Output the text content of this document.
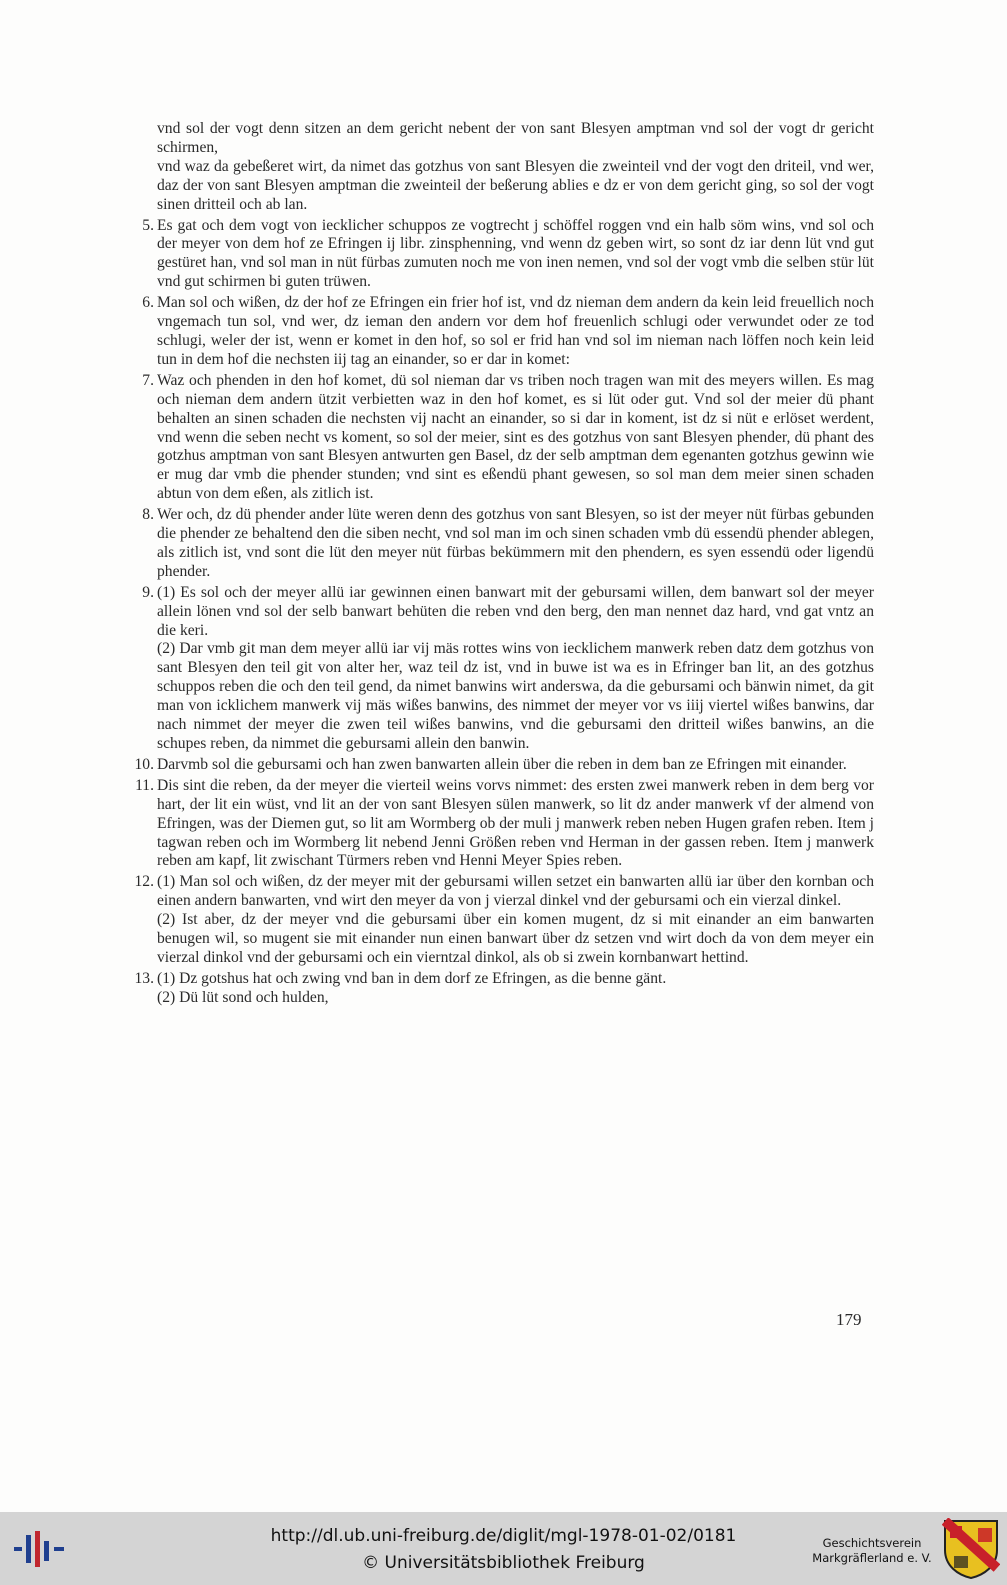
vnd sol der vogt denn sitzen an dem gericht nebent der von sant Blesyen amptman vnd sol der vogt dr gericht schirmen,

vnd waz da gebeßeret wirt, da nimet das gotzhus von sant Blesyen die zweinteil vnd der vogt den driteil, vnd wer, daz der von sant Blesyen amptman die zweinteil der beßerung ablies e dz er von dem gericht ging, so sol der vogt sinen dritteil och ab lan.

5. Es gat och dem vogt von iecklicher schuppos ze vogtrecht j schöffel roggen vnd ein halb söm wins, vnd sol och der meyer von dem hof ze Efringen ij libr. zinsphenning, vnd wenn dz geben wirt, so sont dz iar denn lüt vnd gut gestüret han, vnd sol man in nüt fürbas zumuten noch me von inen nemen, vnd sol der vogt vmb die selben stür lüt vnd gut schirmen bi guten trüwen.

6. Man sol och wißen, dz der hof ze Efringen ein frier hof ist, vnd dz nieman dem andern da kein leid freuellich noch vngemach tun sol, vnd wer, dz ieman den andern vor dem hof freuenlich schlugi oder verwundet oder ze tod schlugi, weler der ist, wenn er komet in den hof, so sol er frid han vnd sol im nieman nach löffen noch kein leid tun in dem hof die nechsten iij tag an einander, so er dar in komet:

7. Waz och phenden in den hof komet, dü sol nieman dar vs triben noch tragen wan mit des meyers willen. Es mag och nieman dem andern ützit verbietten waz in den hof komet, es si lüt oder gut. Vnd sol der meier dü phant behalten an sinen schaden die nechsten vij nacht an einander, so si dar in koment, ist dz si nüt e erlöset werdent, vnd wenn die seben necht vs koment, so sol der meier, sint es des gotzhus von sant Blesyen phender, dü phant des gotzhus amptman von sant Blesyen antwurten gen Basel, dz der selb amptman dem egenanten gotzhus gewinn wie er mug dar vmb die phender stunden; vnd sint es eßendü phant gewesen, so sol man dem meier sinen schaden abtun von dem eßen, als zitlich ist.

8. Wer och, dz dü phender ander lüte weren denn des gotzhus von sant Blesyen, so ist der meyer nüt fürbas gebunden die phender ze behaltend den die siben necht, vnd sol man im och sinen schaden vmb dü essendü phender ablegen, als zitlich ist, vnd sont die lüt den meyer nüt fürbas bekümmern mit den phendern, es syen essendü oder ligendü phender.

9. (1) Es sol och der meyer allü iar gewinnen einen banwart mit der gebursami willen, dem banwart sol der meyer allein lönen vnd sol der selb banwart behüten die reben vnd den berg, den man nennet daz hard, vnd gat vntz an die keri.

(2) Dar vmb git man dem meyer allü iar vij mäs rottes wins von iecklichem manwerk reben datz dem gotzhus von sant Blesyen den teil git von alter her, waz teil dz ist, vnd in buwe ist wa es in Efringer ban lit, an des gotzhus schuppos reben die och den teil gend, da nimet banwins wirt anderswa, da die gebursami och bänwin nimet, da git man von icklichem manwerk vij mäs wißes banwins, des nimmet der meyer vor vs iiij viertel wißes banwins, dar nach nimmet der meyer die zwen teil wißes banwins, vnd die gebursami den dritteil wißes banwins, an die schupes reben, da nimmet die gebursami allein den banwin.

10. Darvmb sol die gebursami och han zwen banwarten allein über die reben in dem ban ze Efringen mit einander.

11. Dis sint die reben, da der meyer die vierteil weins vorvs nimmet: des ersten zwei manwerk reben in dem berg vor hart, der lit ein wüst, vnd lit an der von sant Blesyen sülen manwerk, so lit dz ander manwerk vf der almend von Efringen, was der Diemen gut, so lit am Wormberg ob der muli j manwerk reben neben Hugen grafen reben. Item j tagwan reben och im Wormberg lit nebend Jenni Größen reben vnd Herman in der gassen reben. Item j manwerk reben am kapf, lit zwischant Türmers reben vnd Henni Meyer Spies reben.

12. (1) Man sol och wißen, dz der meyer mit der gebursami willen setzet ein banwarten allü iar über den kornban och einen andern banwarten, vnd wirt den meyer da von j vierzal dinkel vnd der gebursami och ein vierzal dinkel.

(2) Ist aber, dz der meyer vnd die gebursami über ein komen mugent, dz si mit einander an eim banwarten benugen wil, so mugent sie mit einander nun einen banwart über dz setzen vnd wirt doch da von dem meyer ein vierzal dinkol vnd der gebursami och ein vierntzal dinkol, als ob si zwein kornbanwart hettind.

13. (1) Dz gotshus hat och zwing vnd ban in dem dorf ze Efringen, as die benne gänt.

(2) Dü lüt sond och hulden,

179
http://dl.ub.uni-freiburg.de/diglit/mgl-1978-01-02/0181
© Universitätsbibliothek Freiburg
Geschichtsverein
Markgräflerland e. V.
